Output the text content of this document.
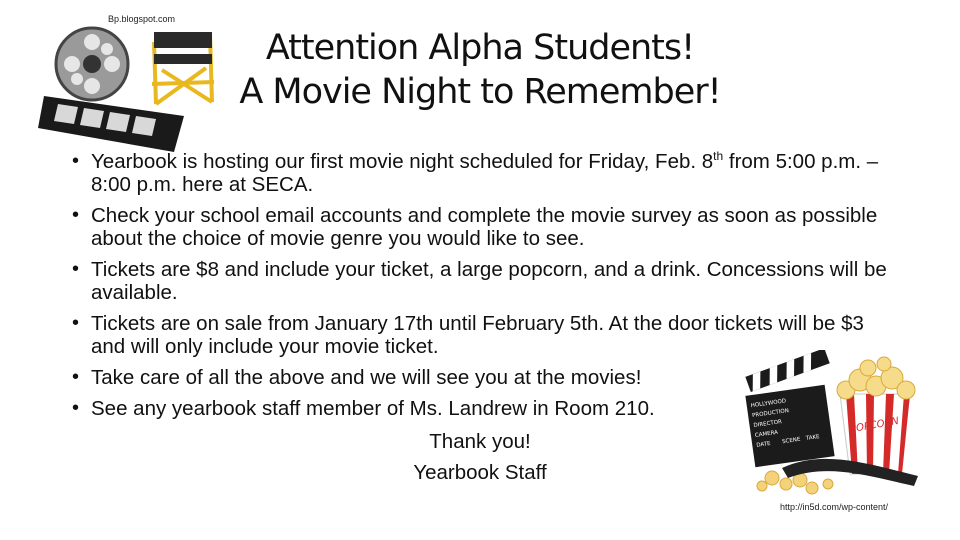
Bp.blogspot.com
Attention Alpha Students!
A Movie Night to Remember!
• Yearbook is hosting our first movie night scheduled for Friday, Feb. 8th from 5:00 p.m. – 8:00 p.m. here at SECA.
• Check your school email accounts and complete the movie survey as soon as possible about the choice of movie genre you would like to see.
• Tickets are $8 and include your ticket, a large popcorn, and a drink. Concessions will be available.
• Tickets are on sale from January 17th until February 5th. At the door tickets will be $3 and will only include your movie ticket.
• Take care of all the above and we will see you at the movies!
• See any yearbook staff member of Ms. Landrew in Room 210.
Thank you!
Yearbook Staff
HOLLYWOOD
PRODUCTION
DIRECTOR
CAMERA
DATE SCENE TAKE
POPCORN
http://in5d.com/wp-content/
